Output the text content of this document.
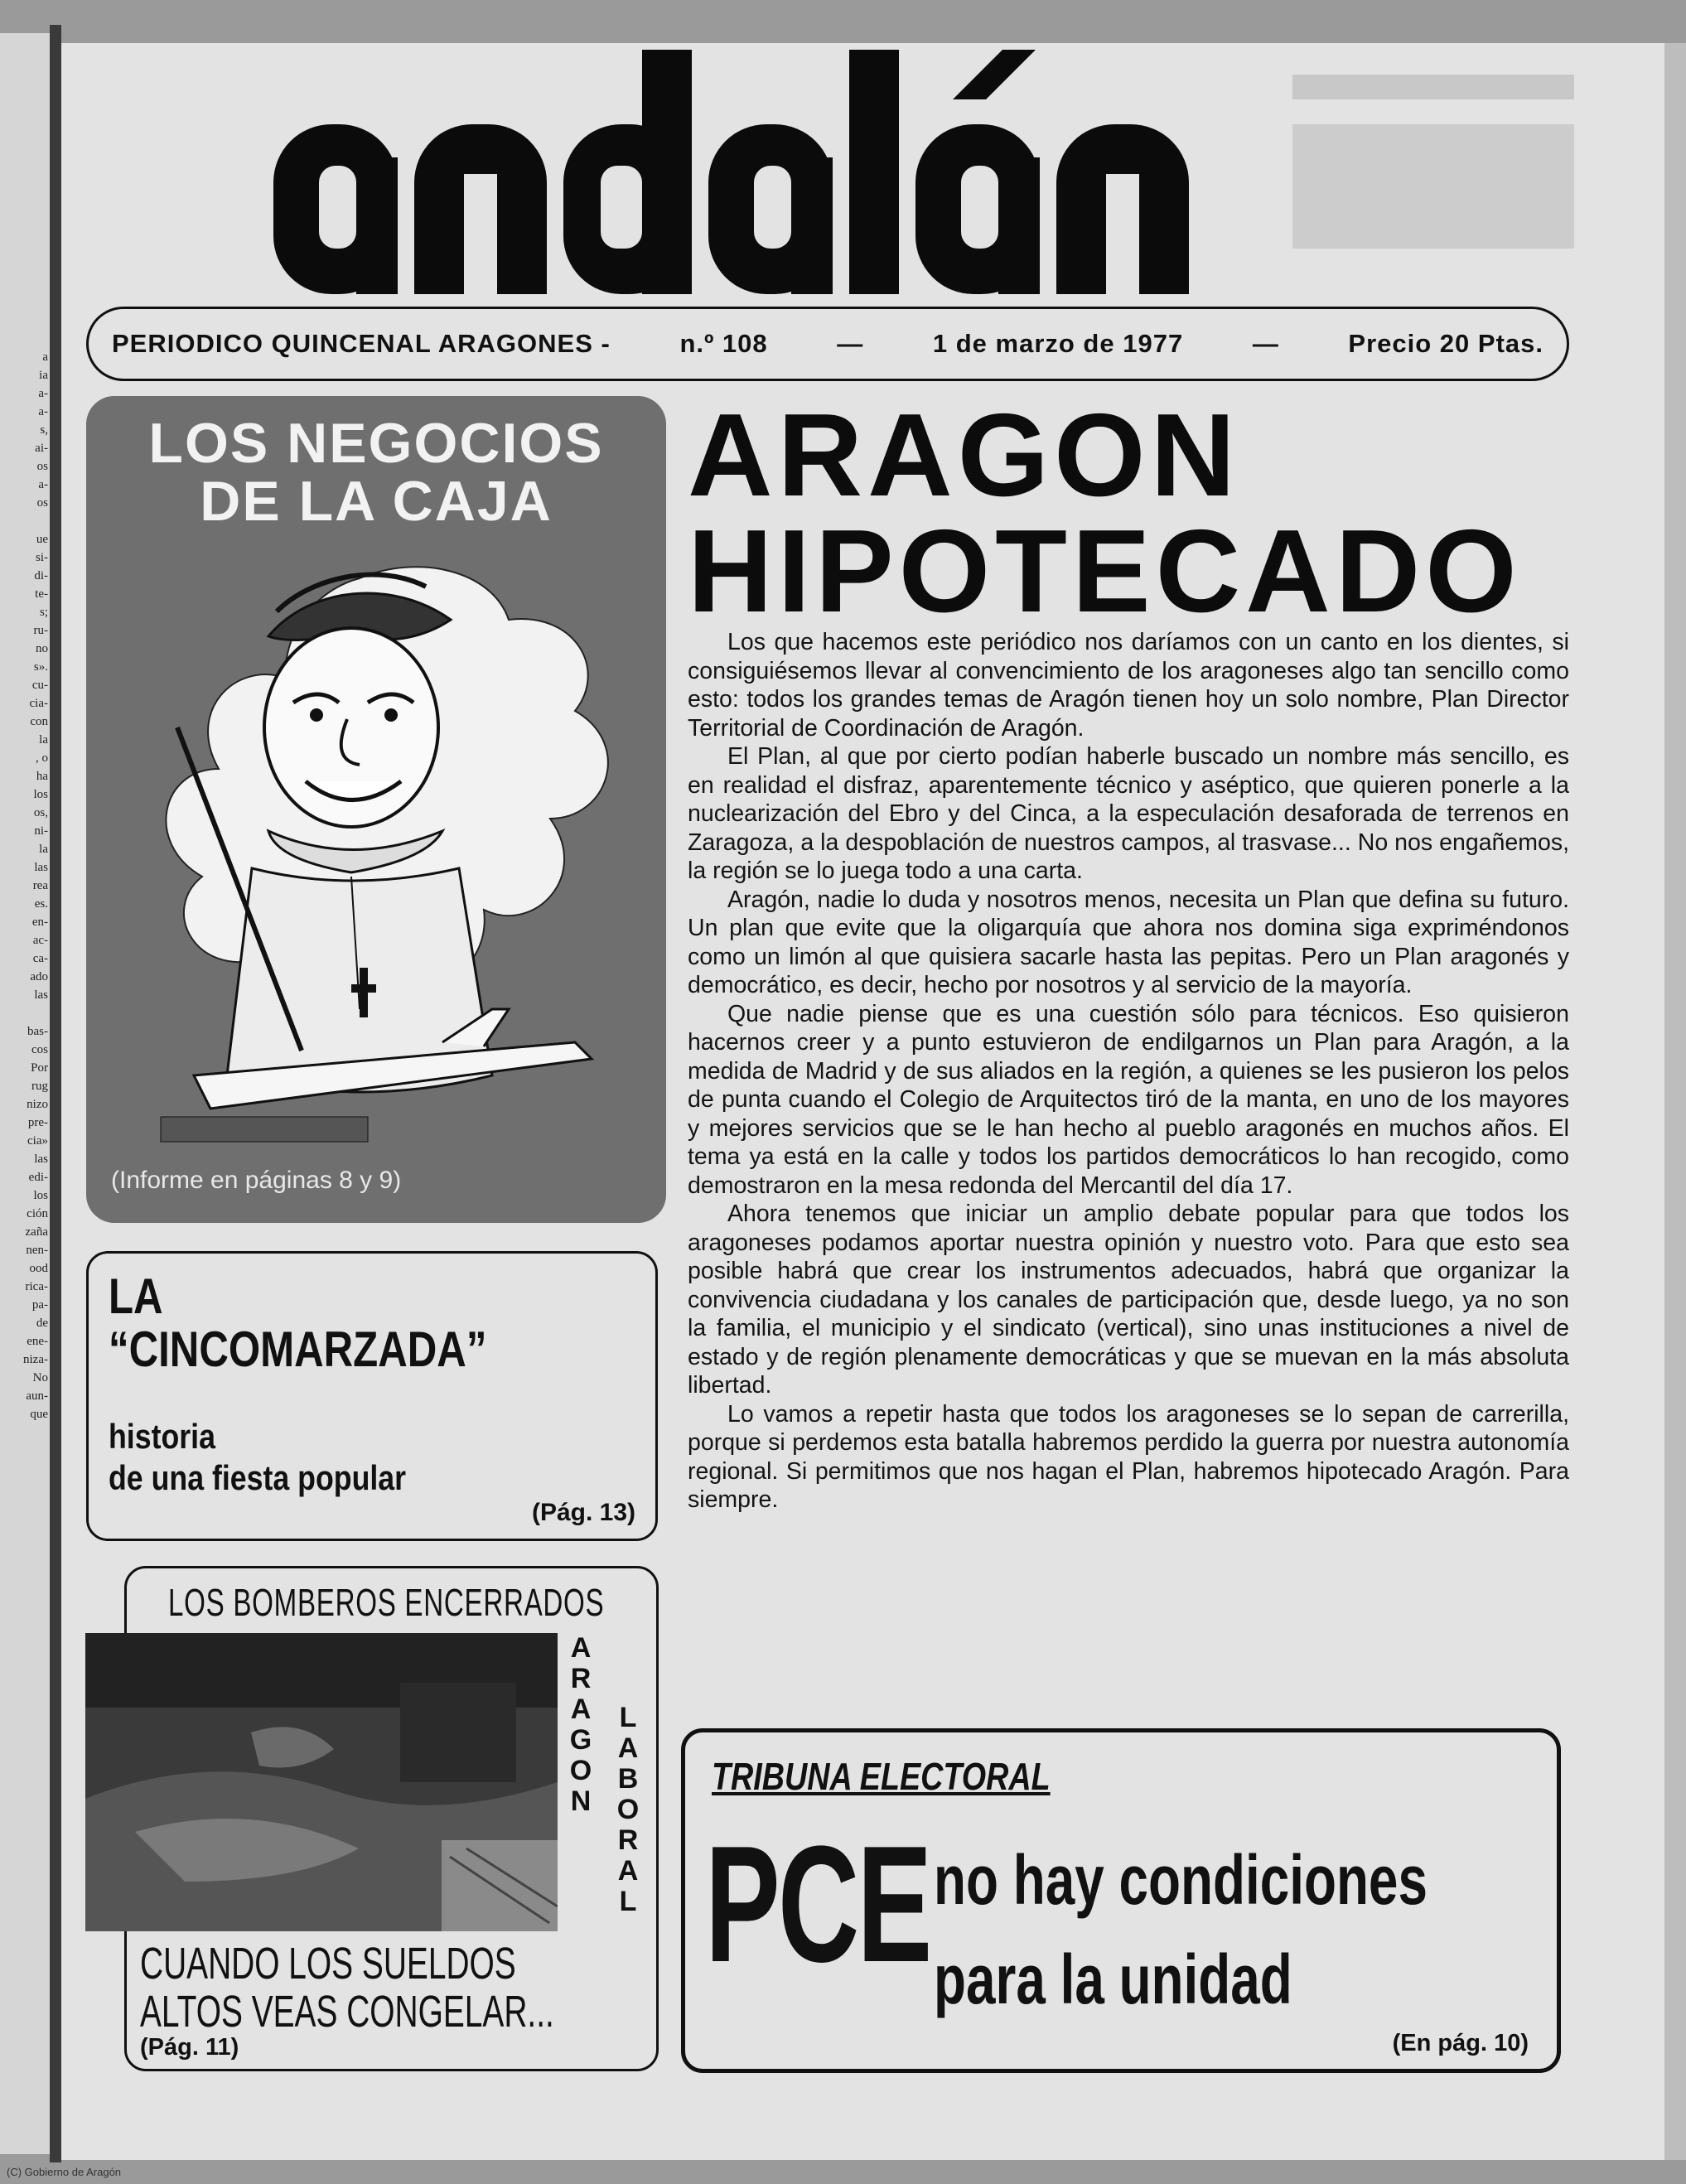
a
ia
a-
a-
s,
ai-
os
a-
os

ue
si-
di-
te-
s;
ru-
no
s».
cu-
cia-
con
la
, o
ha
los
os,
ni-
la
las
rea
es.
en-
ac-
ca-
ado
las

bas-
cos
Por
rug
nizo
pre-
cia»
las
edi-
los
ción
zaña
nen-
ood
rica-
pa-
de
ene-
niza-
No
aun-
que
PERIODICO QUINCENAL ARAGONES -	n.º 108	—	1 de marzo de 1977	—	Precio 20 Ptas.
LOS NEGOCIOS
DE LA CAJA
(Informe en páginas 8 y 9)
ARAGON
HIPOTECADO

Los que hacemos este periódico nos daríamos con un canto en los dientes, si consiguiésemos llevar al convencimiento de los aragoneses algo tan sencillo como esto: todos los grandes temas de Aragón tienen hoy un solo nombre, Plan Director Territorial de Coordinación de Aragón.

El Plan, al que por cierto podían haberle buscado un nombre más sencillo, es en realidad el disfraz, aparentemente técnico y aséptico, que quieren ponerle a la nuclearización del Ebro y del Cinca, a la especulación desaforada de terrenos en Zaragoza, a la despoblación de nuestros campos, al trasvase... No nos engañemos, la región se lo juega todo a una carta.

Aragón, nadie lo duda y nosotros menos, necesita un Plan que defina su futuro. Un plan que evite que la oligarquía que ahora nos domina siga expriméndonos como un limón al que quisiera sacarle hasta las pepitas. Pero un Plan aragonés y democrático, es decir, hecho por nosotros y al servicio de la mayoría.

Que nadie piense que es una cuestión sólo para técnicos. Eso quisieron hacernos creer y a punto estuvieron de endilgarnos un Plan para Aragón, a la medida de Madrid y de sus aliados en la región, a quienes se les pusieron los pelos de punta cuando el Colegio de Arquitectos tiró de la manta, en uno de los mayores y mejores servicios que se le han hecho al pueblo aragonés en muchos años. El tema ya está en la calle y todos los partidos democráticos lo han recogido, como demostraron en la mesa redonda del Mercantil del día 17.

Ahora tenemos que iniciar un amplio debate popular para que todos los aragoneses podamos aportar nuestra opinión y nuestro voto. Para que esto sea posible habrá que crear los instrumentos adecuados, habrá que organizar la convivencia ciudadana y los canales de participación que, desde luego, ya no son la familia, el municipio y el sindicato (vertical), sino unas instituciones a nivel de estado y de región plenamente democráticas y que se muevan en la más absoluta libertad.

Lo vamos a repetir hasta que todos los aragoneses se lo sepan de carrerilla, porque si perdemos esta batalla habremos perdido la guerra por nuestra autonomía regional. Si permitimos que nos hagan el Plan, habremos hipotecado Aragón. Para siempre.

LA
“CINCOMARZADA”
historia
de una fiesta popular
(Pág. 13)
LOS BOMBEROS ENCERRADOS
ARAGON
LABORAL
CUANDO LOS SUELDOS
ALTOS VEAS CONGELAR...
(Pág. 11)
TRIBUNA ELECTORAL
PCE no hay condiciones
para la unidad
(En pág. 10)
(C) Gobierno de Aragón
